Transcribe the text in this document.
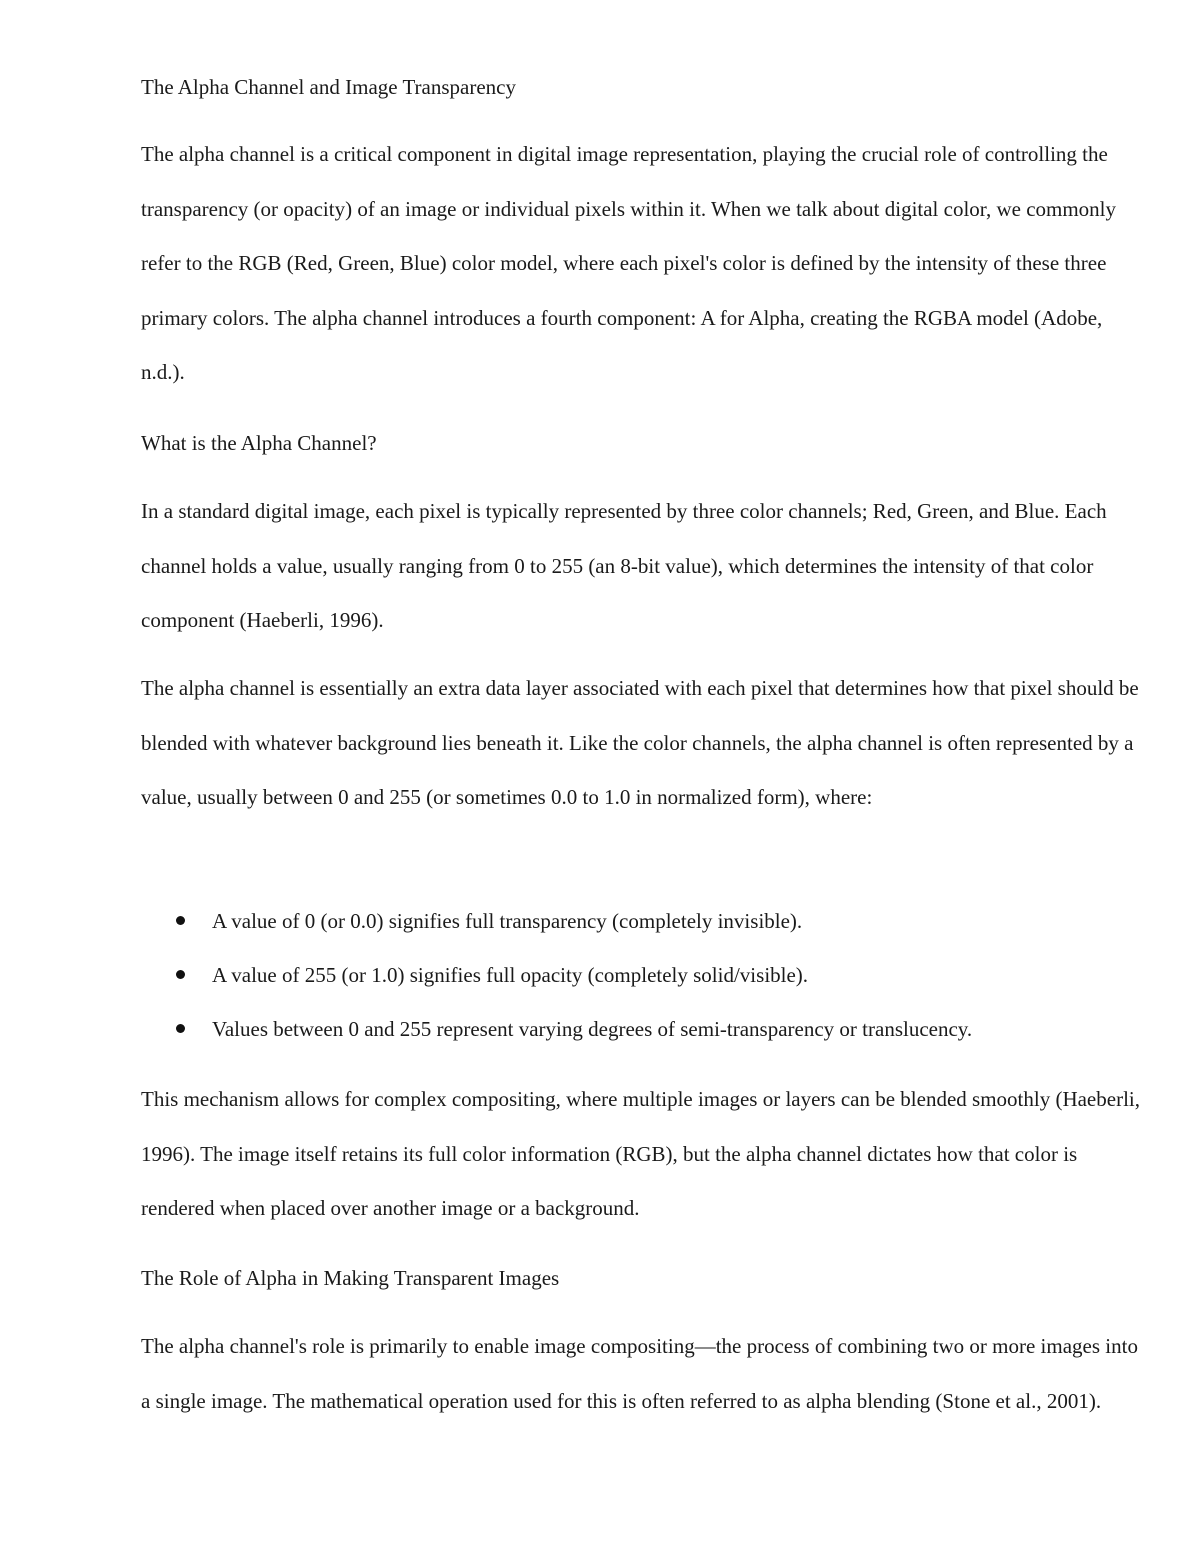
The Alpha Channel and Image Transparency

The alpha channel is a critical component in digital image representation, playing the crucial role of controlling the transparency (or opacity) of an image or individual pixels within it. When we talk about digital color, we commonly refer to the RGB (Red, Green, Blue) color model, where each pixel's color is defined by the intensity of these three primary colors. The alpha channel introduces a fourth component: A for Alpha, creating the RGBA model (Adobe, n.d.).

What is the Alpha Channel?

In a standard digital image, each pixel is typically represented by three color channels; Red, Green, and Blue. Each channel holds a value, usually ranging from 0 to 255 (an 8-bit value), which determines the intensity of that color component (Haeberli, 1996).

The alpha channel is essentially an extra data layer associated with each pixel that determines how that pixel should be blended with whatever background lies beneath it. Like the color channels, the alpha channel is often represented by a value, usually between 0 and 255 (or sometimes 0.0 to 1.0 in normalized form), where:

A value of 0 (or 0.0) signifies full transparency (completely invisible).
A value of 255 (or 1.0) signifies full opacity (completely solid/visible).
Values between 0 and 255 represent varying degrees of semi-transparency or translucency.

This mechanism allows for complex compositing, where multiple images or layers can be blended smoothly (Haeberli, 1996). The image itself retains its full color information (RGB), but the alpha channel dictates how that color is rendered when placed over another image or a background.

The Role of Alpha in Making Transparent Images

The alpha channel's role is primarily to enable image compositing—the process of combining two or more images into a single image. The mathematical operation used for this is often referred to as alpha blending (Stone et al., 2001).
